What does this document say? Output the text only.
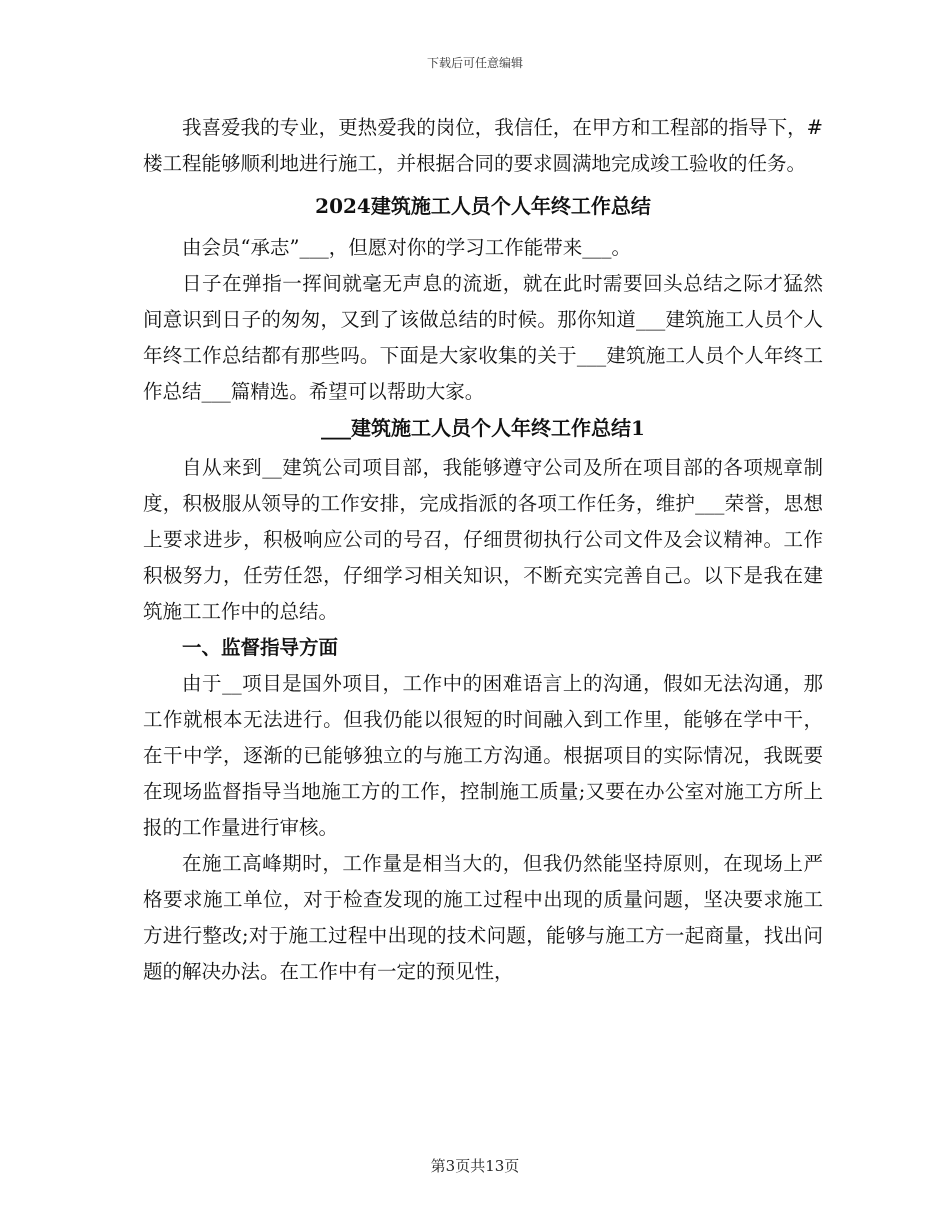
下载后可任意编辑

我喜爱我的专业，更热爱我的岗位，我信任，在甲方和工程部的指导下，#楼工程能够顺利地进行施工，并根据合同的要求圆满地完成竣工验收的任务。

2024建筑施工人员个人年终工作总结

由会员“承志”___，但愿对你的学习工作能带来___。

日子在弹指一挥间就毫无声息的流逝，就在此时需要回头总结之际才猛然间意识到日子的匆匆，又到了该做总结的时候。那你知道___建筑施工人员个人年终工作总结都有那些吗。下面是大家收集的关于___建筑施工人员个人年终工作总结___篇精选。希望可以帮助大家。

___建筑施工人员个人年终工作总结1

自从来到__建筑公司项目部，我能够遵守公司及所在项目部的各项规章制度，积极服从领导的工作安排，完成指派的各项工作任务，维护___荣誉，思想上要求进步，积极响应公司的号召，仔细贯彻执行公司文件及会议精神。工作积极努力，任劳任怨，仔细学习相关知识，不断充实完善自己。以下是我在建筑施工工作中的总结。

一、监督指导方面

由于__项目是国外项目，工作中的困难语言上的沟通，假如无法沟通，那工作就根本无法进行。但我仍能以很短的时间融入到工作里，能够在学中干，在干中学，逐渐的已能够独立的与施工方沟通。根据项目的实际情况，我既要在现场监督指导当地施工方的工作，控制施工质量;又要在办公室对施工方所上报的工作量进行审核。

在施工高峰期时，工作量是相当大的，但我仍然能坚持原则，在现场上严格要求施工单位，对于检查发现的施工过程中出现的质量问题，坚决要求施工方进行整改;对于施工过程中出现的技术问题，能够与施工方一起商量，找出问题的解决办法。在工作中有一定的预见性，

第3页共13页
